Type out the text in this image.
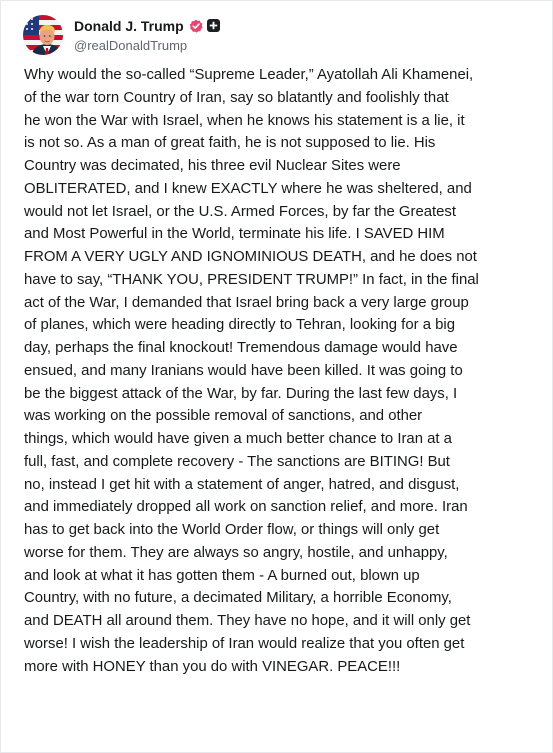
Donald J. Trump
@realDonaldTrump

Why would the so-called “Supreme Leader,” Ayatollah Ali Khamenei,
of the war torn Country of Iran, say so blatantly and foolishly that
he won the War with Israel, when he knows his statement is a lie, it
is not so. As a man of great faith, he is not supposed to lie. His
Country was decimated, his three evil Nuclear Sites were
OBLITERATED, and I knew EXACTLY where he was sheltered, and
would not let Israel, or the U.S. Armed Forces, by far the Greatest
and Most Powerful in the World, terminate his life. I SAVED HIM
FROM A VERY UGLY AND IGNOMINIOUS DEATH, and he does not
have to say, “THANK YOU, PRESIDENT TRUMP!” In fact, in the final
act of the War, I demanded that Israel bring back a very large group
of planes, which were heading directly to Tehran, looking for a big
day, perhaps the final knockout! Tremendous damage would have
ensued, and many Iranians would have been killed. It was going to
be the biggest attack of the War, by far. During the last few days, I
was working on the possible removal of sanctions, and other
things, which would have given a much better chance to Iran at a
full, fast, and complete recovery - The sanctions are BITING! But
no, instead I get hit with a statement of anger, hatred, and disgust,
and immediately dropped all work on sanction relief, and more. Iran
has to get back into the World Order flow, or things will only get
worse for them. They are always so angry, hostile, and unhappy,
and look at what it has gotten them - A burned out, blown up
Country, with no future, a decimated Military, a horrible Economy,
and DEATH all around them. They have no hope, and it will only get
worse! I wish the leadership of Iran would realize that you often get
more with HONEY than you do with VINEGAR. PEACE!!!
